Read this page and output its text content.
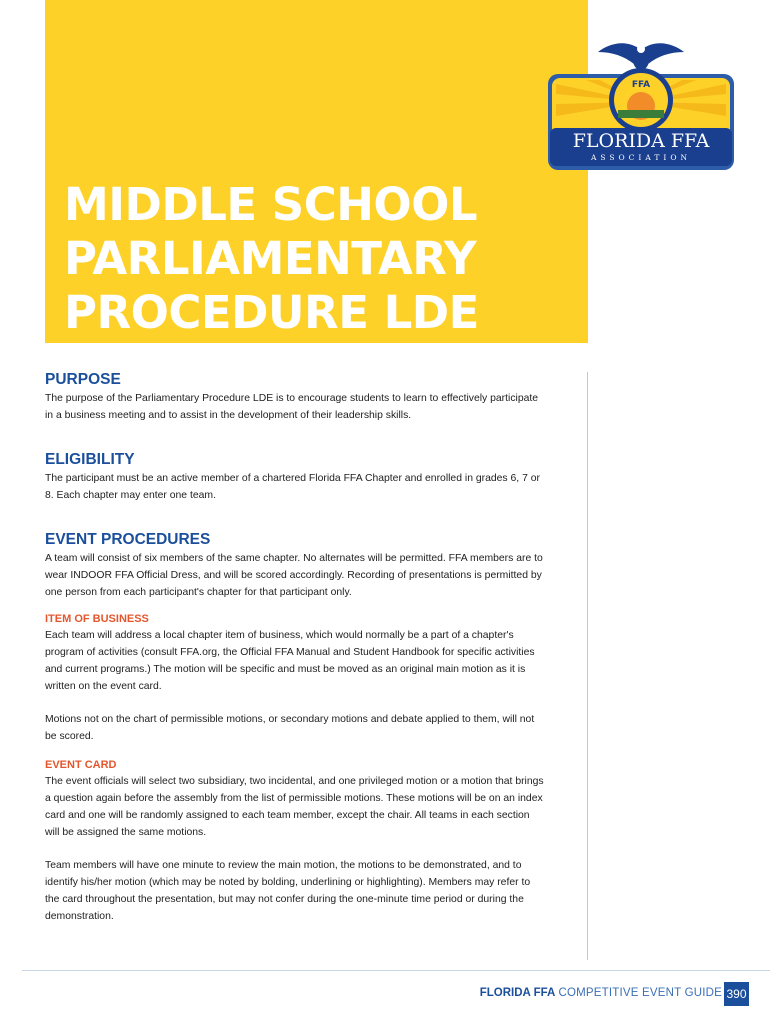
MIDDLE SCHOOL
PARLIAMENTARY
PROCEDURE LDE
FFA
FLORIDA FFA
ASSOCIATION
PURPOSE

The purpose of the Parliamentary Procedure LDE is to encourage students to learn to effectively participate in a business meeting and to assist in the development of their leadership skills.

ELIGIBILITY

The participant must be an active member of a chartered Florida FFA Chapter and enrolled in grades 6, 7 or 8. Each chapter may enter one team.

EVENT PROCEDURES

A team will consist of six members of the same chapter. No alternates will be permitted. FFA members are to wear INDOOR FFA Official Dress, and will be scored accordingly. Recording of presentations is permitted by one person from each participant's chapter for that participant only.

ITEM OF BUSINESS

Each team will address a local chapter item of business, which would normally be a part of a chapter's program of activities (consult FFA.org, the Official FFA Manual and Student Handbook for specific activities and current programs.) The motion will be specific and must be moved as an original main motion as it is written on the event card.

Motions not on the chart of permissible motions, or secondary motions and debate applied to them, will not be scored.

EVENT CARD

The event officials will select two subsidiary, two incidental, and one privileged motion or a motion that brings a question again before the assembly from the list of permissible motions. These motions will be on an index card and one will be randomly assigned to each team member, except the chair. All teams in each section will be assigned the same motions.

Team members will have one minute to review the main motion, the motions to be demonstrated, and to identify his/her motion (which may be noted by bolding, underlining or highlighting). Members may refer to the card throughout the presentation, but may not confer during the one-minute time period or during the demonstration.

FLORIDA FFA COMPETITIVE EVENT GUIDE 390
